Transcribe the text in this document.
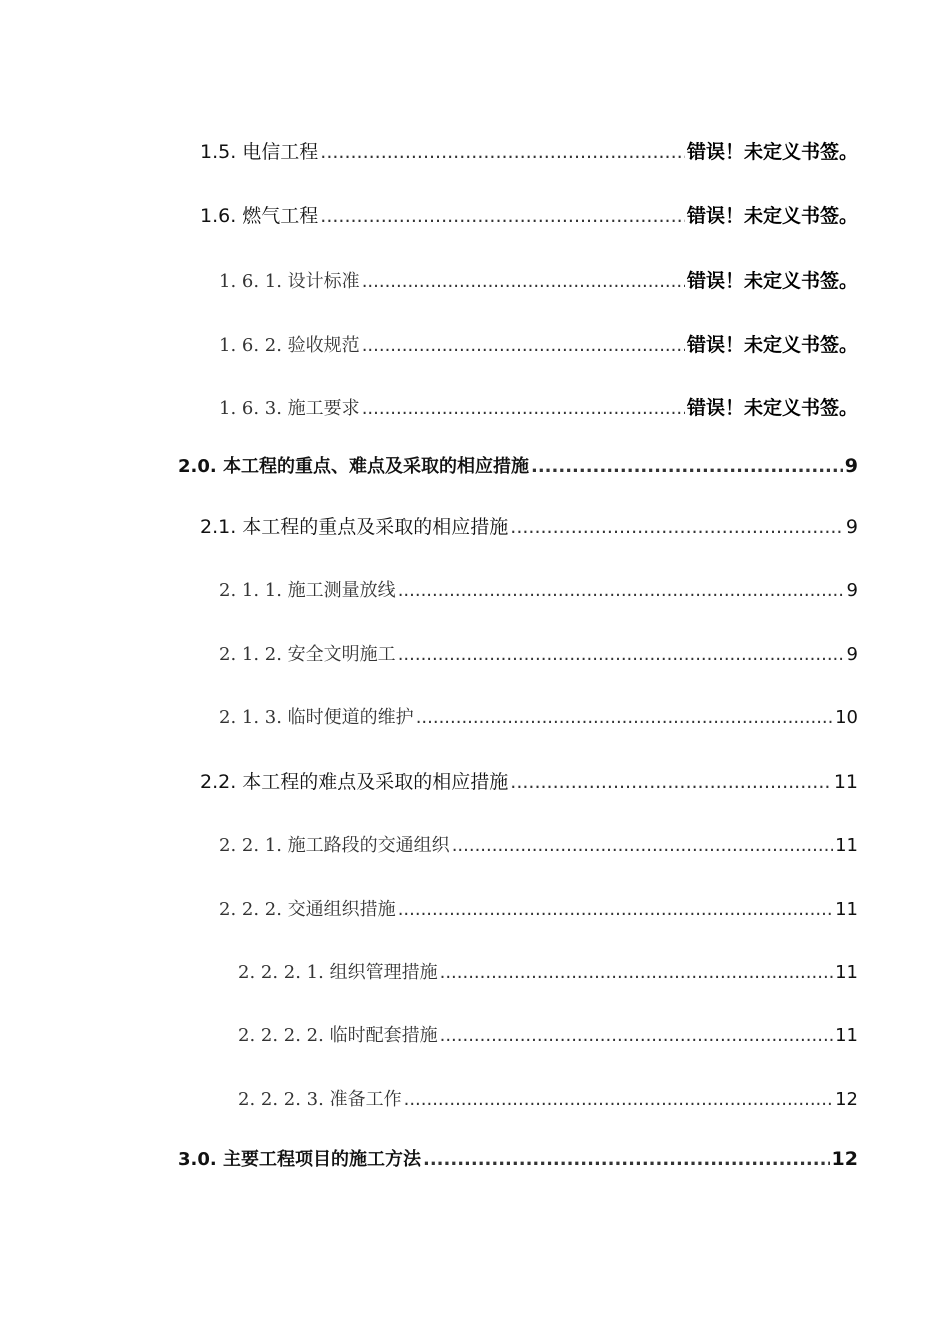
1.5. 电信工程 .....	错误！未定义书签。
1.6. 燃气工程 .....	错误！未定义书签。
1. 6. 1. 设计标准 .....	错误！未定义书签。
1. 6. 2. 验收规范 .....	错误！未定义书签。
1. 6. 3. 施工要求 .....	错误！未定义书签。
2.0. 本工程的重点、难点及采取的相应措施 .....	9
2.1. 本工程的重点及采取的相应措施 .....	9
2. 1. 1. 施工测量放线 .....	9
2. 1. 2. 安全文明施工 .....	9
2. 1. 3. 临时便道的维护 .....	10
2.2. 本工程的难点及采取的相应措施 .....	11
2. 2. 1. 施工路段的交通组织 .....	11
2. 2. 2. 交通组织措施 .....	11
2. 2. 2. 1. 组织管理措施 .....	11
2. 2. 2. 2. 临时配套措施 .....	11
2. 2. 2. 3. 准备工作 .....	12
3.0. 主要工程项目的施工方法 .....	12
